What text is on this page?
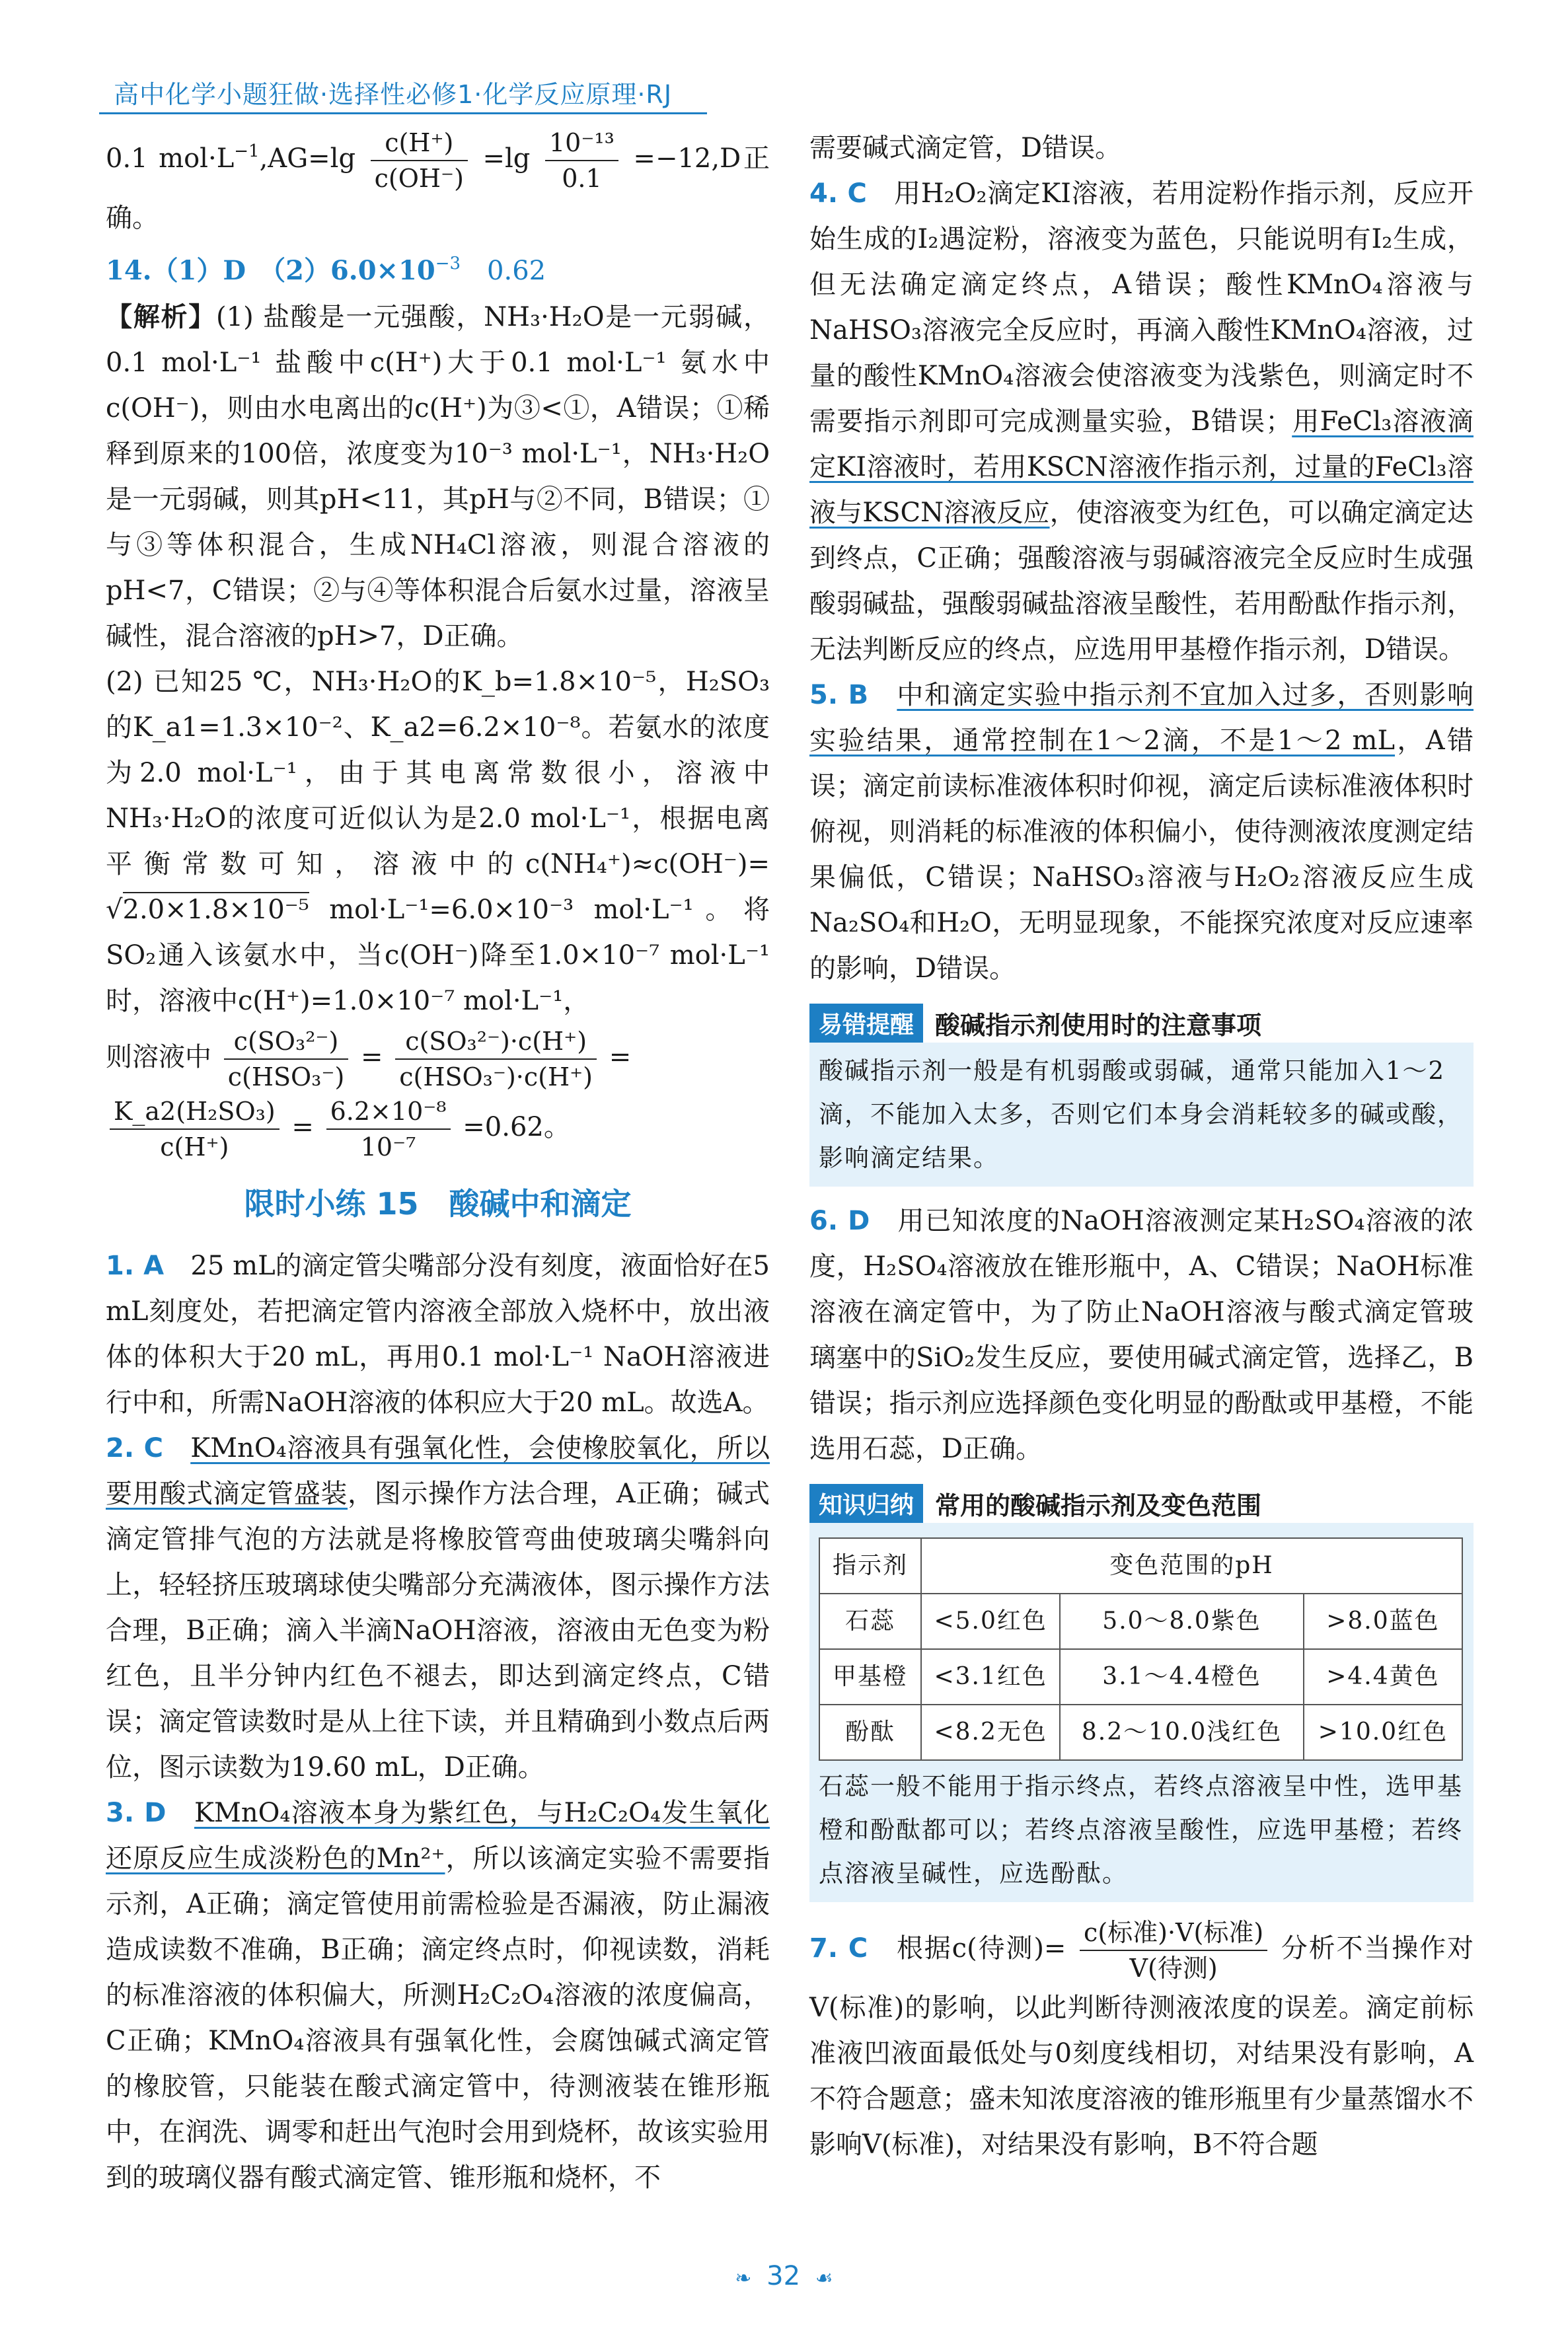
高中化学小题狂做·选择性必修1·化学反应原理·RJ

0.1 $mol\cdot L^{-1},AG=\lg \frac{c(H^+)}{c(OH^-)} =\lg \frac{\text{10⁻¹³}}{0.1} =-12,D$正确。

14.（1）D　$(2)6.0\times 10^{-3}$　0.62

【解析】(1) 盐酸是一元强酸，NH₃·H₂O是一元弱碱，0.1 mol·L⁻¹ 盐酸中c(H⁺)大于0.1 mol·L⁻¹ 氨水中c(OH⁻)，则由水电离出的c(H⁺)为③<①，A错误；①稀释到原来的100倍，浓度变为10⁻³ mol·L⁻¹，NH₃·H₂O是一元弱碱，则其pH<11，其pH与②不同，B错误；①与③等体积混合，生成NH₄Cl溶液，则混合溶液的pH<7，C错误；②与④等体积混合后氨水过量，溶液呈碱性，混合溶液的pH>7，D正确。

(2) 已知25 ℃，NH₃·H₂O的K_b=1.8×10⁻⁵，H₂SO₃的K_a1=1.3×10⁻²、K_a2=6.2×10⁻⁸。若氨水的浓度为2.0 mol·L⁻¹，由于其电离常数很小，溶液中NH₃·H₂O的浓度可近似认为是2.0 mol·L⁻¹，根据电离平衡常数可知，溶液中的c(NH₄⁺)≈c(OH⁻)= √2.0×1.8×10⁻⁵ mol·L⁻¹=6.0×10⁻³ mol·L⁻¹。将SO₂通入该氨水中，当c(OH⁻)降至1.0×10⁻⁷ mol·L⁻¹时，溶液中c(H⁺)=1.0×10⁻⁷ mol·L⁻¹，

则溶液中 $\frac{\text{c(SO₃²⁻)}}{\text{c(HSO₃⁻)}} = \frac{\text{c(SO₃²⁻)·c(H⁺)}}{\text{c(HSO₃⁻)·c(H⁺)}}$ =

$\frac{\text{K\_a2(H₂SO₃)}}{c(H^+)} = \frac{\text{6.2×10⁻⁸}}{\text{10⁻⁷}} =0.62$。

限时小练 15　酸碱中和滴定

1. A　 25 mL的滴定管尖嘴部分没有刻度，液面恰好在5 mL刻度处，若把滴定管内溶液全部放入烧杯中，放出液体的体积大于20 mL，再用0.1 mol·L⁻¹ NaOH溶液进行中和，所需NaOH溶液的体积应大于20 mL。故选A。

2. C　 KMnO₄溶液具有强氧化性，会使橡胶氧化，所以要用酸式滴定管盛装，图示操作方法合理，A正确；碱式滴定管排气泡的方法就是将橡胶管弯曲使玻璃尖嘴斜向上，轻轻挤压玻璃球使尖嘴部分充满液体，图示操作方法合理，B正确；滴入半滴NaOH溶液，溶液由无色变为粉红色，且半分钟内红色不褪去，即达到滴定终点，C错误；滴定管读数时是从上往下读，并且精确到小数点后两位，图示读数为19.60 mL，D正确。

3. D　 KMnO₄溶液本身为紫红色，与H₂C₂O₄发生氧化还原反应生成淡粉色的Mn²⁺，所以该滴定实验不需要指示剂，A正确；滴定管使用前需检验是否漏液，防止漏液造成读数不准确，B正确；滴定终点时，仰视读数，消耗的标准溶液的体积偏大，所测H₂C₂O₄溶液的浓度偏高，C正确；KMnO₄溶液具有强氧化性，会腐蚀碱式滴定管的橡胶管，只能装在酸式滴定管中，待测液装在锥形瓶中，在润洗、调零和赶出气泡时会用到烧杯，故该实验用到的玻璃仪器有酸式滴定管、锥形瓶和烧杯，不

需要碱式滴定管，D错误。

4. C　 用H₂O₂滴定KI溶液，若用淀粉作指示剂，反应开始生成的I₂遇淀粉，溶液变为蓝色，只能说明有I₂生成，但无法确定滴定终点，A错误；酸性KMnO₄溶液与NaHSO₃溶液完全反应时，再滴入酸性KMnO₄溶液，过量的酸性KMnO₄溶液会使溶液变为浅紫色，则滴定时不需要指示剂即可完成测量实验，B错误；用FeCl₃溶液滴定KI溶液时，若用KSCN溶液作指示剂，过量的FeCl₃溶液与KSCN溶液反应，使溶液变为红色，可以确定滴定达到终点，C正确；强酸溶液与弱碱溶液完全反应时生成强酸弱碱盐，强酸弱碱盐溶液呈酸性，若用酚酞作指示剂，无法判断反应的终点，应选用甲基橙作指示剂，D错误。

5. B　 中和滴定实验中指示剂不宜加入过多，否则影响实验结果，通常控制在1～2滴，不是1～2 mL，A错误；滴定前读标准液体积时仰视，滴定后读标准液体积时俯视，则消耗的标准液的体积偏小，使待测液浓度测定结果偏低，C错误；NaHSO₃溶液与H₂O₂溶液反应生成Na₂SO₄和H₂O，无明显现象，不能探究浓度对反应速率的影响，D错误。

易错提醒 酸碱指示剂使用时的注意事项
酸碱指示剂一般是有机弱酸或弱碱，通常只能加入1～2滴，不能加入太多，否则它们本身会消耗较多的碱或酸，影响滴定结果。

6. D　 用已知浓度的NaOH溶液测定某H₂SO₄溶液的浓度，H₂SO₄溶液放在锥形瓶中，A、C错误；NaOH标准溶液在滴定管中，为了防止NaOH溶液与酸式滴定管玻璃塞中的SiO₂发生反应，要使用碱式滴定管，选择乙，B错误；指示剂应选择颜色变化明显的酚酞或甲基橙，不能选用石蕊，D正确。

知识归纳 常用的酸碱指示剂及变色范围
指示剂	变色范围的pH		
石蕊	<5.0红色	5.0～8.0紫色	>8.0蓝色
甲基橙	<3.1红色	3.1～4.4橙色	>4.4黄色
酚酞	<8.2无色	8.2～10.0浅红色	>10.0红色
石蕊一般不能用于指示终点，若终点溶液呈中性，选甲基橙和酚酞都可以；若终点溶液呈酸性，应选甲基橙；若终点溶液呈碱性，应选酚酞。

7. C　 根据c(待测)= $\frac{\text{c(标准)·V(标准)}}{\text{V(待测)}}$ 分析不当操作对V(标准)的影响，以此判断待测液浓度的误差。滴定前标准液凹液面最低处与0刻度线相切，对结果没有影响，A不符合题意；盛未知浓度溶液的锥形瓶里有少量蒸馏水不影响V(标准)，对结果没有影响，B不符合题

❧ 32 ☙
